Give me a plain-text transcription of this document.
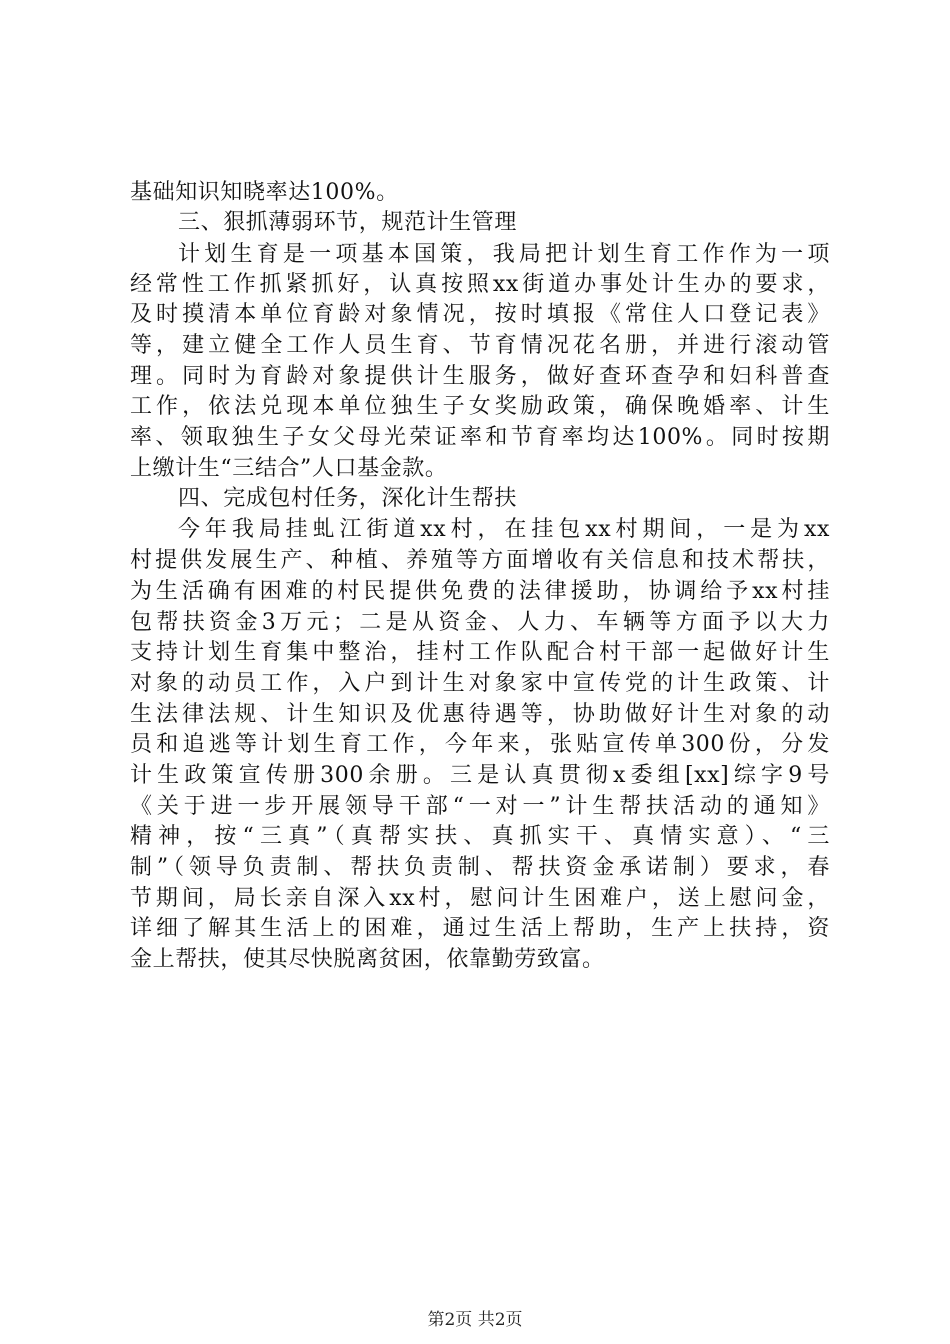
基础知识知晓率达100%。
三、狠抓薄弱环节，规范计生管理
计划生育是一项基本国策，我局把计划生育工作作为一项
经常性工作抓紧抓好，认真按照xx街道办事处计生办的要求，
及时摸清本单位育龄对象情况，按时填报《常住人口登记表》
等，建立健全工作人员生育、节育情况花名册，并进行滚动管
理。同时为育龄对象提供计生服务，做好查环查孕和妇科普查
工作，依法兑现本单位独生子女奖励政策，确保晚婚率、计生
率、领取独生子女父母光荣证率和节育率均达100%。同时按期
上缴计生“三结合”人口基金款。
四、完成包村任务，深化计生帮扶
今年我局挂虬江街道xx村，在挂包xx村期间，一是为xx
村提供发展生产、种植、养殖等方面增收有关信息和技术帮扶，
为生活确有困难的村民提供免费的法律援助，协调给予xx村挂
包帮扶资金3万元；二是从资金、人力、车辆等方面予以大力
支持计划生育集中整治，挂村工作队配合村干部一起做好计生
对象的动员工作，入户到计生对象家中宣传党的计生政策、计
生法律法规、计生知识及优惠待遇等，协助做好计生对象的动
员和追逃等计划生育工作，今年来，张贴宣传单300份，分发
计生政策宣传册300余册。三是认真贯彻x委组[xx]综字9号
《关于进一步开展领导干部“一对一”计生帮扶活动的通知》
精神，按“三真”（真帮实扶、真抓实干、真情实意）、“三
制”（领导负责制、帮扶负责制、帮扶资金承诺制）要求，春
节期间，局长亲自深入xx村，慰问计生困难户，送上慰问金，
详细了解其生活上的困难，通过生活上帮助，生产上扶持，资
金上帮扶，使其尽快脱离贫困，依靠勤劳致富。
第2页 共2页
